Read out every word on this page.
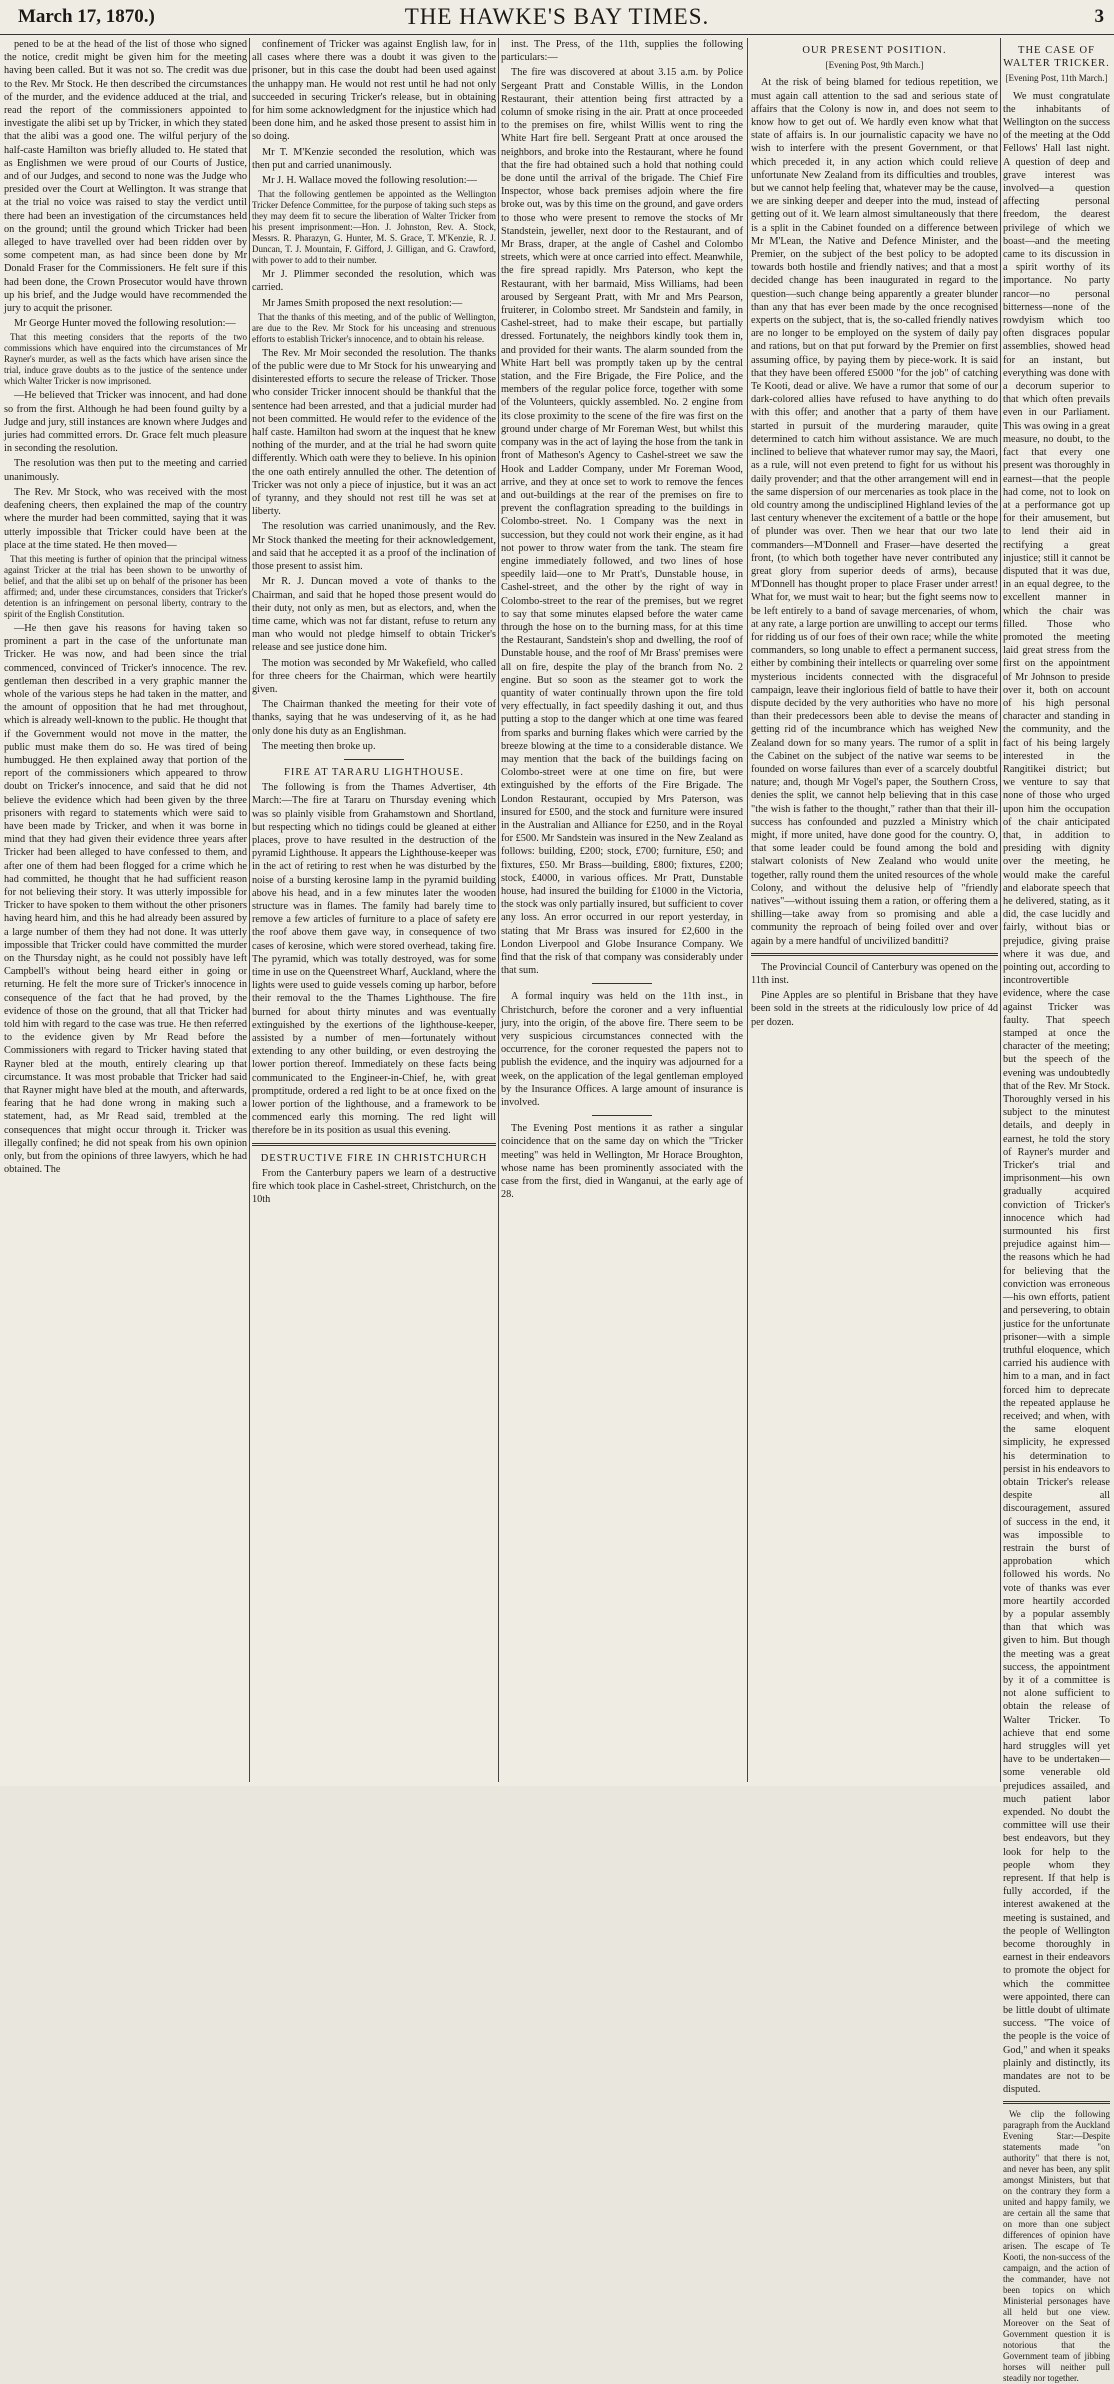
March 17, 1870.)	THE HAWKE'S BAY TIMES.	3

pened to be at the head of the list of those who signed the notice, credit might be given him for the meeting having been called. But it was not so. The credit was due to the Rev. Mr Stock. He then described the circumstances of the murder, and the evidence adduced at the trial, and read the report of the commissioners appointed to investigate the alibi set up by Tricker, in which they stated that the alibi was a good one. The wilful perjury of the half-caste Hamilton was briefly alluded to. He stated that as Englishmen we were proud of our Courts of Justice, and of our Judges, and second to none was the Judge who presided over the Court at Wellington. It was strange that at the trial no voice was raised to stay the verdict until there had been an investigation of the circumstances held on the ground; until the ground which Tricker had been alleged to have travelled over had been ridden over by some competent man, as had since been done by Mr Donald Fraser for the Commissioners. He felt sure if this had been done, the Crown Prosecutor would have thrown up his brief, and the Judge would have recommended the jury to acquit the prisoner.

Mr George Hunter moved the following resolution:—

That this meeting considers that the reports of the two commissions which have enquired into the circumstances of Mr Rayner's murder, as well as the facts which have arisen since the trial, induce grave doubts as to the justice of the sentence under which Walter Tricker is now imprisoned.

—He believed that Tricker was innocent, and had done so from the first. Although he had been found guilty by a Judge and jury, still instances are known where Judges and juries had committed errors. Dr. Grace felt much pleasure in seconding the resolution.

The resolution was then put to the meeting and carried unanimously.

The Rev. Mr Stock, who was received with the most deafening cheers, then explained the map of the country where the murder had been committed, saying that it was utterly impossible that Tricker could have been at the place at the time stated. He then moved—

That this meeting is further of opinion that the principal witness against Tricker at the trial has been shown to be unworthy of belief, and that the alibi set up on behalf of the prisoner has been affirmed; and, under these circumstances, considers that Tricker's detention is an infringement on personal liberty, contrary to the spirit of the English Constitution.

—He then gave his reasons for having taken so prominent a part in the case of the unfortunate man Tricker. He was now, and had been since the trial commenced, convinced of Tricker's innocence. The rev. gentleman then described in a very graphic manner the whole of the various steps he had taken in the matter, and the amount of opposition that he had met throughout, which is already well-known to the public. He thought that if the Government would not move in the matter, the public must make them do so. He was tired of being humbugged. He then explained away that portion of the report of the commissioners which appeared to throw doubt on Tricker's innocence, and said that he did not believe the evidence which had been given by the three prisoners with regard to statements which were said to have been made by Tricker, and when it was borne in mind that they had given their evidence three years after Tricker had been alleged to have confessed to them, and after one of them had been flogged for a crime which he had committed, he thought that he had sufficient reason for not believing their story. It was utterly impossible for Tricker to have spoken to them without the other prisoners having heard him, and this he had already been assured by a large number of them they had not done. It was utterly impossible that Tricker could have committed the murder on the Thursday night, as he could not possibly have left Campbell's without being heard either in going or returning. He felt the more sure of Tricker's innocence in consequence of the fact that he had proved, by the evidence of those on the ground, that all that Tricker had told him with regard to the case was true. He then referred to the evidence given by Mr Read before the Commissioners with regard to Tricker having stated that Rayner bled at the mouth, entirely clearing up that circumstance. It was most probable that Tricker had said that Rayner might have bled at the mouth, and afterwards, fearing that he had done wrong in making such a statement, had, as Mr Read said, trembled at the consequences that might occur through it. Tricker was illegally confined; he did not speak from his own opinion only, but from the opinions of three lawyers, which he had obtained. The

confinement of Tricker was against English law, for in all cases where there was a doubt it was given to the prisoner, but in this case the doubt had been used against the unhappy man. He would not rest until he had not only succeeded in securing Tricker's release, but in obtaining for him some acknowledgment for the injustice which had been done him, and he asked those present to assist him in so doing.

Mr T. M'Kenzie seconded the resolution, which was then put and carried unanimously.

Mr J. H. Wallace moved the following resolution:—

That the following gentlemen be appointed as the Wellington Tricker Defence Committee, for the purpose of taking such steps as they may deem fit to secure the liberation of Walter Tricker from his present imprisonment:—Hon. J. Johnston, Rev. A. Stock, Messrs. R. Pharazyn, G. Hunter, M. S. Grace, T. M'Kenzie, R. J. Duncan, T. J. Mountain, F. Gifford, J. Gilligan, and G. Crawford, with power to add to their number.

Mr J. Plimmer seconded the resolution, which was carried.

Mr James Smith proposed the next resolution:—

That the thanks of this meeting, and of the public of Wellington, are due to the Rev. Mr Stock for his unceasing and strenuous efforts to establish Tricker's innocence, and to obtain his release.

The Rev. Mr Moir seconded the resolution. The thanks of the public were due to Mr Stock for his unwearying and disinterested efforts to secure the release of Tricker. Those who consider Tricker innocent should be thankful that the sentence had been arrested, and that a judicial murder had not been committed. He would refer to the evidence of the half caste. Hamilton had sworn at the inquest that he knew nothing of the murder, and at the trial he had sworn quite differently. Which oath were they to believe. In his opinion the one oath entirely annulled the other. The detention of Tricker was not only a piece of injustice, but it was an act of tyranny, and they should not rest till he was set at liberty.

The resolution was carried unanimously, and the Rev. Mr Stock thanked the meeting for their acknowledgement, and said that he accepted it as a proof of the inclination of those present to assist him.

Mr R. J. Duncan moved a vote of thanks to the Chairman, and said that he hoped those present would do their duty, not only as men, but as electors, and, when the time came, which was not far distant, refuse to return any man who would not pledge himself to obtain Tricker's release and see justice done him.

The motion was seconded by Mr Wakefield, who called for three cheers for the Chairman, which were heartily given.

The Chairman thanked the meeting for their vote of thanks, saying that he was undeserving of it, as he had only done his duty as an Englishman.

The meeting then broke up.

FIRE AT TARARU LIGHTHOUSE.

The following is from the Thames Advertiser, 4th March:—The fire at Tararu on Thursday evening which was so plainly visible from Grahamstown and Shortland, but respecting which no tidings could be gleaned at either places, prove to have resulted in the destruction of the pyramid Lighthouse. It appears the Lighthouse-keeper was in the act of retiring to rest when he was disturbed by the noise of a bursting kerosine lamp in the pyramid building above his head, and in a few minutes later the wooden structure was in flames. The family had barely time to remove a few articles of furniture to a place of safety ere the roof above them gave way, in consequence of two cases of kerosine, which were stored overhead, taking fire. The pyramid, which was totally destroyed, was for some time in use on the Queenstreet Wharf, Auckland, where the lights were used to guide vessels coming up harbor, before their removal to the the Thames Lighthouse. The fire burned for about thirty minutes and was eventually extinguished by the exertions of the lighthouse-keeper, assisted by a number of men—fortunately without extending to any other building, or even destroying the lower portion thereof. Immediately on these facts being communicated to the Engineer-in-Chief, he, with great promptitude, ordered a red light to be at once fixed on the lower portion of the lighthouse, and a framework to be commenced early this morning. The red light will therefore be in its position as usual this evening.

DESTRUCTIVE FIRE IN CHRISTCHURCH

From the Canterbury papers we learn of a destructive fire which took place in Cashel-street, Christchurch, on the 10th

inst. The Press, of the 11th, supplies the following particulars:—

The fire was discovered at about 3.15 a.m. by Police Sergeant Pratt and Constable Willis, in the London Restaurant, their attention being first attracted by a column of smoke rising in the air. Pratt at once proceeded to the premises on fire, whilst Willis went to ring the White Hart fire bell. Sergeant Pratt at once aroused the neighbors, and broke into the Restaurant, where he found that the fire had obtained such a hold that nothing could be done until the arrival of the brigade. The Chief Fire Inspector, whose back premises adjoin where the fire broke out, was by this time on the ground, and gave orders to those who were present to remove the stocks of Mr Standstein, jeweller, next door to the Restaurant, and of Mr Brass, draper, at the angle of Cashel and Colombo streets, which were at once carried into effect. Meanwhile, the fire spread rapidly. Mrs Paterson, who kept the Restaurant, with her barmaid, Miss Williams, had been aroused by Sergeant Pratt, with Mr and Mrs Pearson, fruiterer, in Colombo street. Mr Sandstein and family, in Cashel-street, had to make their escape, but partially dressed. Fortunately, the neighbors kindly took them in, and provided for their wants. The alarm sounded from the White Hart bell was promptly taken up by the central station, and the Fire Brigade, the Fire Police, and the members of the regular police force, together with some of the Volunteers, quickly assembled. No. 2 engine from its close proximity to the scene of the fire was first on the ground under charge of Mr Foreman West, but whilst this company was in the act of laying the hose from the tank in front of Matheson's Agency to Cashel-street we saw the Hook and Ladder Company, under Mr Foreman Wood, arrive, and they at once set to work to remove the fences and out-buildings at the rear of the premises on fire to prevent the conflagration spreading to the buildings in Colombo-street. No. 1 Company was the next in succession, but they could not work their engine, as it had not power to throw water from the tank. The steam fire engine immediately followed, and two lines of hose speedily laid—one to Mr Pratt's, Dunstable house, in Cashel-street, and the other by the right of way in Colombo-street to the rear of the premises, but we regret to say that some minutes elapsed before the water came through the hose on to the burning mass, for at this time the Restaurant, Sandstein's shop and dwelling, the roof of Dunstable house, and the roof of Mr Brass' premises were all on fire, despite the play of the branch from No. 2 engine. But so soon as the steamer got to work the quantity of water continually thrown upon the fire told very effectually, in fact speedily dashing it out, and thus putting a stop to the danger which at one time was feared from sparks and burning flakes which were carried by the breeze blowing at the time to a considerable distance. We may mention that the back of the buildings facing on Colombo-street were at one time on fire, but were extinguished by the efforts of the Fire Brigade. The London Restaurant, occupied by Mrs Paterson, was insured for £500, and the stock and furniture were insured in the Australian and Alliance for £250, and in the Royal for £500. Mr Sandstein was insured in the New Zealand as follows: building, £200; stock, £700; furniture, £50; and fixtures, £50. Mr Brass—building, £800; fixtures, £200; stock, £4000, in various offices. Mr Pratt, Dunstable house, had insured the building for £1000 in the Victoria, the stock was only partially insured, but sufficient to cover any loss. An error occurred in our report yesterday, in stating that Mr Brass was insured for £2,600 in the London Liverpool and Globe Insurance Company. We find that the risk of that company was considerably under that sum.

A formal inquiry was held on the 11th inst., in Christchurch, before the coroner and a very influential jury, into the origin, of the above fire. There seem to be very suspicious circumstances connected with the occurrence, for the coroner requested the papers not to publish the evidence, and the inquiry was adjourned for a week, on the application of the legal gentleman employed by the Insurance Offices. A large amount of insurance is involved.

The Evening Post mentions it as rather a singular coincidence that on the same day on which the "Tricker meeting" was held in Wellington, Mr Horace Broughton, whose name has been prominently associated with the case from the first, died in Wanganui, at the early age of 28.

OUR PRESENT POSITION.
[Evening Post, 9th March.]

At the risk of being blamed for tedious repetition, we must again call attention to the sad and serious state of affairs that the Colony is now in, and does not seem to know how to get out of. We hardly even know what that state of affairs is. In our journalistic capacity we have no wish to interfere with the present Government, or that which preceded it, in any action which could relieve unfortunate New Zealand from its difficulties and troubles, but we cannot help feeling that, whatever may be the cause, we are sinking deeper and deeper into the mud, instead of getting out of it. We learn almost simultaneously that there is a split in the Cabinet founded on a difference between Mr M'Lean, the Native and Defence Minister, and the Premier, on the subject of the best policy to be adopted towards both hostile and friendly natives; and that a most decided change has been inaugurated in regard to the question—such change being apparently a greater blunder than any that has ever been made by the once recognised experts on the subject, that is, the so-called friendly natives are no longer to be employed on the system of daily pay and rations, but on that put forward by the Premier on first assuming office, by paying them by piece-work. It is said that they have been offered £5000 "for the job" of catching Te Kooti, dead or alive. We have a rumor that some of our dark-colored allies have refused to have anything to do with this offer; and another that a party of them have started in pursuit of the murdering marauder, quite determined to catch him without assistance. We are much inclined to believe that whatever rumor may say, the Maori, as a rule, will not even pretend to fight for us without his daily provender; and that the other arrangement will end in the same dispersion of our mercenaries as took place in the old country among the undisciplined Highland levies of the last century whenever the excitement of a battle or the hope of plunder was over. Then we hear that our two late commanders—M'Donnell and Fraser—have deserted the front, (to which both together have never contributed any great glory from superior deeds of arms), because M'Donnell has thought proper to place Fraser under arrest! What for, we must wait to hear; but the fight seems now to be left entirely to a band of savage mercenaries, of whom, at any rate, a large portion are unwilling to accept our terms for ridding us of our foes of their own race; while the white commanders, so long unable to effect a permanent success, either by combining their intellects or quarreling over some mysterious incidents connected with the disgraceful campaign, leave their inglorious field of battle to have their dispute decided by the very authorities who have no more than their predecessors been able to devise the means of getting rid of the incumbrance which has weighed New Zealand down for so many years. The rumor of a split in the Cabinet on the subject of the native war seems to be founded on worse failures than ever of a scarcely doubtful nature; and, though Mr Vogel's paper, the Southern Cross, denies the split, we cannot help believing that in this case "the wish is father to the thought," rather than that their ill-success has confounded and puzzled a Ministry which might, if more united, have done good for the country. O, that some leader could be found among the bold and stalwart colonists of New Zealand who would unite together, rally round them the united resources of the whole Colony, and without the delusive help of "friendly natives"—without issuing them a ration, or offering them a shilling—take away from so promising and able a community the reproach of being foiled over and over again by a mere handful of uncivilized banditti?

The Provincial Council of Canterbury was opened on the 11th inst.

Pine Apples are so plentiful in Brisbane that they have been sold in the streets at the ridiculously low price of 4d per dozen.

THE CASE OF WALTER TRICKER.
[Evening Post, 11th March.]

We must congratulate the inhabitants of Wellington on the success of the meeting at the Odd Fellows' Hall last night. A question of deep and grave interest was involved—a question affecting personal freedom, the dearest privilege of which we boast—and the meeting came to its discussion in a spirit worthy of its importance. No party rancor—no personal bitterness—none of the rowdyism which too often disgraces popular assemblies, showed head for an instant, but everything was done with a decorum superior to that which often prevails even in our Parliament. This was owing in a great measure, no doubt, to the fact that every one present was thoroughly in earnest—that the people had come, not to look on at a performance got up for their amusement, but to lend their aid in rectifying a great injustice; still it cannot be disputed that it was due, in an equal degree, to the excellent manner in which the chair was filled. Those who promoted the meeting laid great stress from the first on the appointment of Mr Johnson to preside over it, both on account of his high personal character and standing in the community, and the fact of his being largely interested in the Rangitikei district; but we venture to say that none of those who urged upon him the occupation of the chair anticipated that, in addition to presiding with dignity over the meeting, he would make the careful and elaborate speech that he delivered, stating, as it did, the case lucidly and fairly, without bias or prejudice, giving praise where it was due, and pointing out, according to incontrovertible evidence, where the case against Tricker was faulty. That speech stamped at once the character of the meeting; but the speech of the evening was undoubtedly that of the Rev. Mr Stock. Thoroughly versed in his subject to the minutest details, and deeply in earnest, he told the story of Rayner's murder and Tricker's trial and imprisonment—his own gradually acquired conviction of Tricker's innocence which had surmounted his first prejudice against him—the reasons which he had for believing that the conviction was erroneous—his own efforts, patient and persevering, to obtain justice for the unfortunate prisoner—with a simple truthful eloquence, which carried his audience with him to a man, and in fact forced him to deprecate the repeated applause he received; and when, with the same eloquent simplicity, he expressed his determination to persist in his endeavors to obtain Tricker's release despite all discouragement, assured of success in the end, it was impossible to restrain the burst of approbation which followed his words. No vote of thanks was ever more heartily accorded by a popular assembly than that which was given to him. But though the meeting was a great success, the appointment by it of a committee is not alone sufficient to obtain the release of Walter Tricker. To achieve that end some hard struggles will yet have to be undertaken—some venerable old prejudices assailed, and much patient labor expended. No doubt the committee will use their best endeavors, but they look for help to the people whom they represent. If that help is fully accorded, if the interest awakened at the meeting is sustained, and the people of Wellington become thoroughly in earnest in their endeavors to promote the object for which the committee were appointed, there can be little doubt of ultimate success. "The voice of the people is the voice of God," and when it speaks plainly and distinctly, its mandates are not to be disputed.

We clip the following paragraph from the Auckland Evening Star:—Despite statements made "on authority" that there is not, and never has been, any split amongst Ministers, but that on the contrary they form a united and happy family, we are certain all the same that on more than one subject differences of opinion have arisen. The escape of Te Kooti, the non-success of the campaign, and the action of the commander, have not been topics on which Ministerial personages have all held but one view. Moreover on the Seat of Government question it is notorious that the Government team of jibbing horses will neither pull steadily nor together.
